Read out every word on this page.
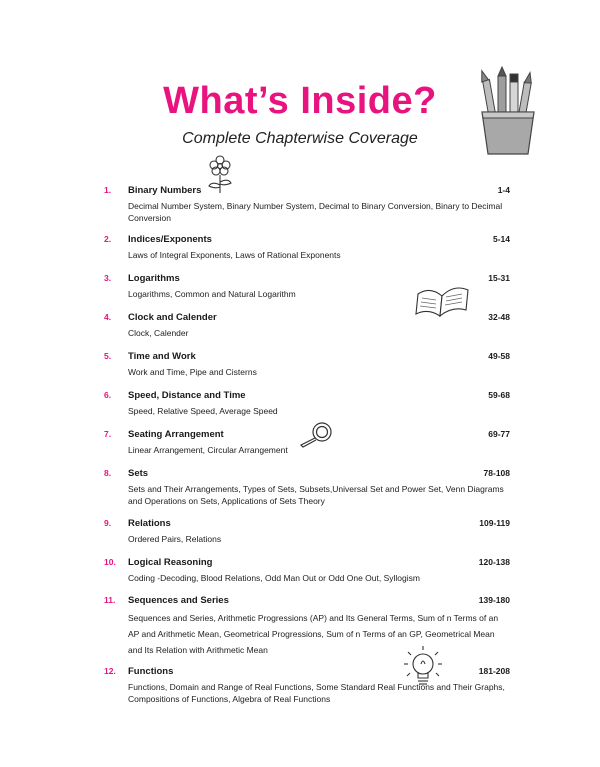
What’s Inside?

Complete Chapterwise Coverage

1.	Binary Numbers	1-4
Decimal Number System, Binary Number System, Decimal to Binary Conversion, Binary to Decimal Conversion
2.	Indices/Exponents	5-14
Laws of Integral Exponents, Laws of Rational Exponents
3.	Logarithms	15-31
Logarithms, Common and Natural Logarithm
4.	Clock and Calender	32-48
Clock, Calender
5.	Time and Work	49-58
Work and Time, Pipe and Cisterns
6.	Speed, Distance and Time	59-68
Speed, Relative Speed, Average Speed
7.	Seating Arrangement	69-77
Linear Arrangement, Circular Arrangement
8.	Sets	78-108
Sets and Their Arrangements, Types of Sets, Subsets,Universal Set and Power Set, Venn Diagrams and Operations on Sets, Applications of Sets Theory
9.	Relations	109-119
Ordered Pairs, Relations
10.	Logical Reasoning	120-138
Coding -Decoding, Blood Relations, Odd Man Out or Odd One Out, Syllogism
11.	Sequences and Series	139-180
Sequences and Series, Arithmetic Progressions (AP) and Its General Terms, Sum of n Terms of an AP and Arithmetic Mean, Geometrical Progressions, Sum of n Terms of an GP, Geometrical Mean and Its Relation with Arithmetic Mean
12.	Functions	181-208
Functions, Domain and Range of Real Functions, Some Standard Real Functions and Their Graphs, Compositions of Functions, Algebra of Real Functions
